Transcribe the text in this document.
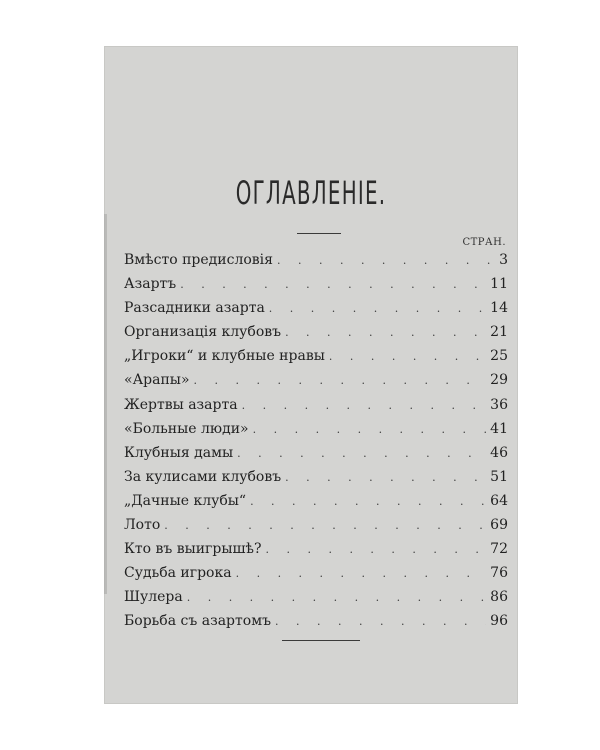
ОГЛАВЛЕНІЕ.
СТРАН.
Вмѣсто предисловія . . .	3
Азартъ . . .	11
Разсадники азарта . . .	14
Организація клубовъ . . .	21
„Игроки“ и клубные нравы . . .	25
«Арапы» . . .	29
Жертвы азарта . . .	36
«Больные люди» . . .	41
Клубныя дамы . . .	46
За кулисами клубовъ . . .	51
„Дачные клубы“ . . .	64
Лото . . .	69
Кто въ выигрышѣ? . . .	72
Судьба игрока . . .	76
Шулера . . .	86
Борьба съ азартомъ . . .	96
